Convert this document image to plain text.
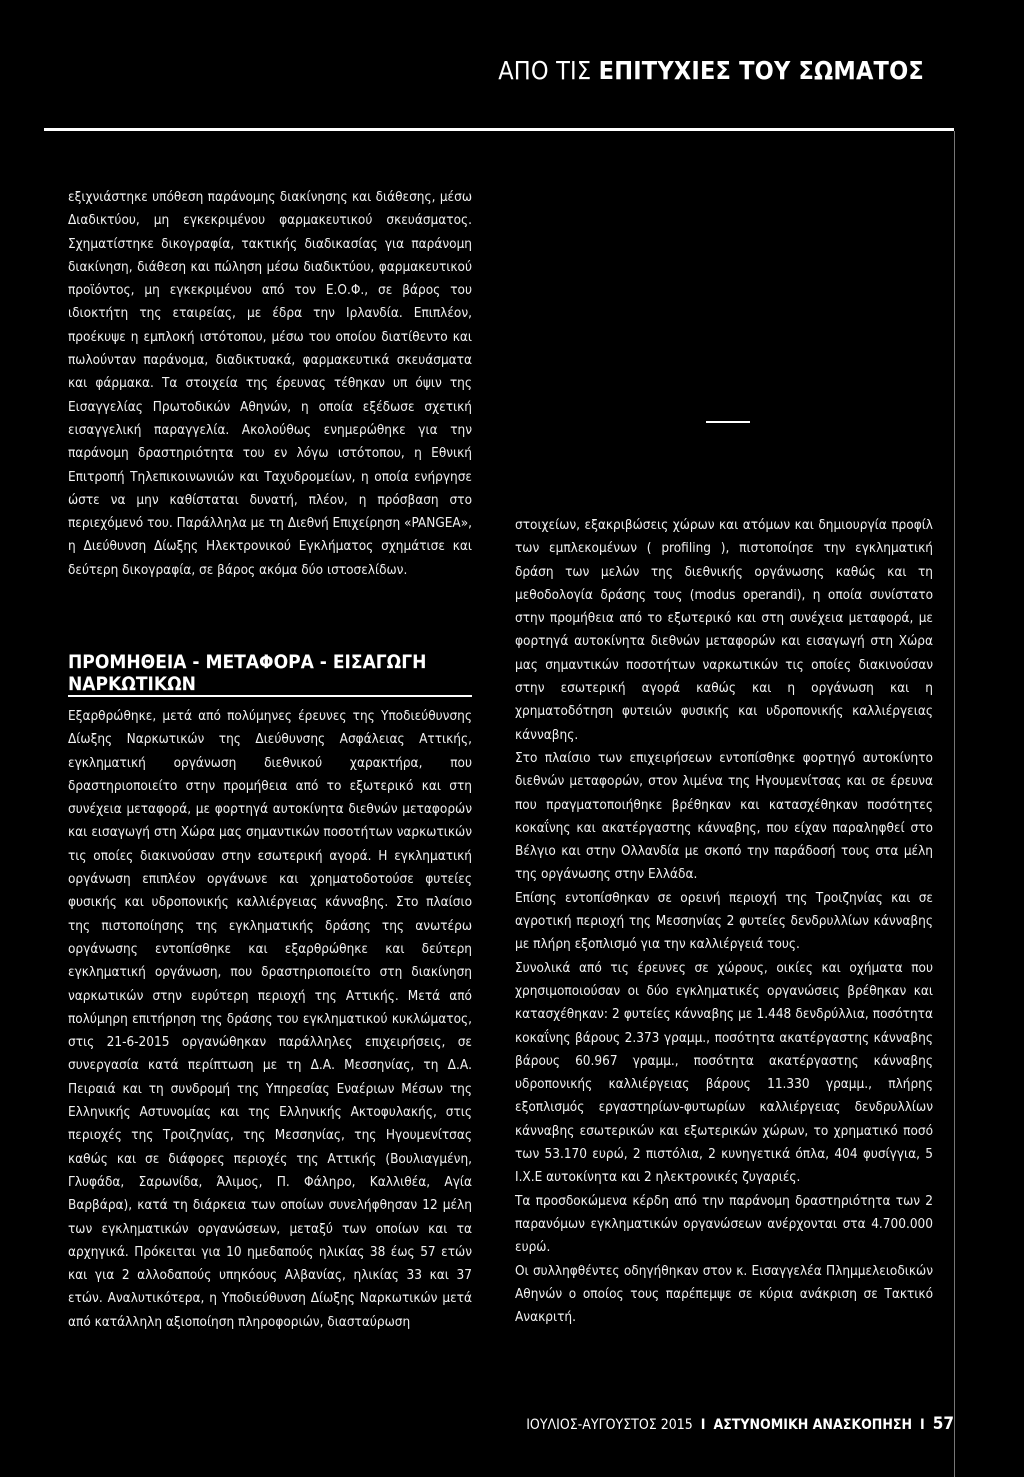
ΑΠΟ ΤΙΣ ΕΠΙΤΥΧΙΕΣ ΤΟΥ ΣΩΜΑΤΟΣ

εξιχνιάστηκε υπόθεση παράνομης διακίνησης και διάθεσης, μέσω Διαδικτύου, μη εγκεκριμένου φαρμακευτικού σκευάσματος. Σχηματίστηκε δικογραφία, τακτικής διαδικασίας για παράνομη διακίνηση, διάθεση και πώληση μέσω διαδικτύου, φαρμακευτικού προϊόντος, μη εγκεκριμένου από τον Ε.Ο.Φ., σε βάρος του ιδιοκτήτη της εταιρείας, με έδρα την Ιρλανδία. Επιπλέον, προέκυψε η εμπλοκή ιστότοπου, μέσω του οποίου διατίθεντο και πωλούνταν παράνομα, διαδικτυακά, φαρμακευτικά σκευάσματα και φάρμακα. Τα στοιχεία της έρευνας τέθηκαν υπ όψιν της Εισαγγελίας Πρωτοδικών Αθηνών, η οποία εξέδωσε σχετική εισαγγελική παραγγελία. Ακολούθως ενημερώθηκε για την παράνομη δραστηριότητα του εν λόγω ιστότοπου, η Εθνική Επιτροπή Τηλεπικοινωνιών και Ταχυδρομείων, η οποία ενήργησε ώστε να μην καθίσταται δυνατή, πλέον, η πρόσβαση στο περιεχόμενό του. Παράλληλα με τη Διεθνή Επιχείρηση «PANGEA», η Διεύθυνση Δίωξης Ηλεκτρονικού Εγκλήματος σχημάτισε και δεύτερη δικογραφία, σε βάρος ακόμα δύο ιστοσελίδων.

ΠΡΟΜΗΘΕΙΑ - ΜΕΤΑΦΟΡΑ - ΕΙΣΑΓΩΓΗ ΝΑΡΚΩΤΙΚΩΝ

Εξαρθρώθηκε, μετά από πολύμηνες έρευνες της Υποδιεύθυνσης Δίωξης Ναρκωτικών της Διεύθυνσης Ασφάλειας Αττικής, εγκληματική οργάνωση διεθνικού χαρακτήρα, που δραστηριοποιείτο στην προμήθεια από το εξωτερικό και στη συνέχεια μεταφορά, με φορτηγά αυτοκίνητα διεθνών μεταφορών και εισαγωγή στη Χώρα μας σημαντικών ποσοτήτων ναρκωτικών τις οποίες διακινούσαν στην εσωτερική αγορά. Η εγκληματική οργάνωση επιπλέον οργάνωνε και χρηματοδοτούσε φυτείες φυσικής και υδροπονικής καλλιέργειας κάνναβης. Στο πλαίσιο της πιστοποίησης της εγκληματικής δράσης της ανωτέρω οργάνωσης εντοπίσθηκε και εξαρθρώθηκε και δεύτερη εγκληματική οργάνωση, που δραστηριοποιείτο στη διακίνηση ναρκωτικών στην ευρύτερη περιοχή της Αττικής. Μετά από πολύμηρη επιτήρηση της δράσης του εγκληματικού κυκλώματος, στις 21-6-2015 οργανώθηκαν παράλληλες επιχειρήσεις, σε συνεργασία κατά περίπτωση με τη Δ.Α. Μεσσηνίας, τη Δ.Α. Πειραιά και τη συνδρομή της Υπηρεσίας Εναέριων Μέσων της Ελληνικής Αστυνομίας και της Ελληνικής Ακτοφυλακής, στις περιοχές της Τροιζηνίας, της Μεσσηνίας, της Ηγουμενίτσας καθώς και σε διάφορες περιοχές της Αττικής (Βουλιαγμένη, Γλυφάδα, Σαρωνίδα, Άλιμος, Π. Φάληρο, Καλλιθέα, Αγία Βαρβάρα), κατά τη διάρκεια των οποίων συνελήφθησαν 12 μέλη των εγκληματικών οργανώσεων, μεταξύ των οποίων και τα αρχηγικά. Πρόκειται για 10 ημεδαπούς ηλικίας 38 έως 57 ετών και για 2 αλλοδαπούς υπηκόους Αλβανίας, ηλικίας 33 και 37 ετών. Αναλυτικότερα, η Υποδιεύθυνση Δίωξης Ναρκωτικών μετά από κατάλληλη αξιοποίηση πληροφοριών, διασταύρωση

στοιχείων, εξακριβώσεις χώρων και ατόμων και δημιουργία προφίλ των εμπλεκομένων ( profiling ), πιστοποίησε την εγκληματική δράση των μελών της διεθνικής οργάνωσης καθώς και τη μεθοδολογία δράσης τους (modus operandi), η οποία συνίστατο στην προμήθεια από το εξωτερικό και στη συνέχεια μεταφορά, με φορτηγά αυτοκίνητα διεθνών μεταφορών και εισαγωγή στη Χώρα μας σημαντικών ποσοτήτων ναρκωτικών τις οποίες διακινούσαν στην εσωτερική αγορά καθώς και η οργάνωση και η χρηματοδότηση φυτειών φυσικής και υδροπονικής καλλιέργειας κάνναβης.

Στο πλαίσιο των επιχειρήσεων εντοπίσθηκε φορτηγό αυτοκίνητο διεθνών μεταφορών, στον λιμένα της Ηγουμενίτσας και σε έρευνα που πραγματοποιήθηκε βρέθηκαν και κατασχέθηκαν ποσότητες κοκαΐνης και ακατέργαστης κάνναβης, που είχαν παραληφθεί στο Βέλγιο και στην Ολλανδία με σκοπό την παράδοσή τους στα μέλη της οργάνωσης στην Ελλάδα.

Επίσης εντοπίσθηκαν σε ορεινή περιοχή της Τροιζηνίας και σε αγροτική περιοχή της Μεσσηνίας 2 φυτείες δενδρυλλίων κάνναβης με πλήρη εξοπλισμό για την καλλιέργειά τους.

Συνολικά από τις έρευνες σε χώρους, οικίες και οχήματα που χρησιμοποιούσαν οι δύο εγκληματικές οργανώσεις βρέθηκαν και κατασχέθηκαν: 2 φυτείες κάνναβης με 1.448 δενδρύλλια, ποσότητα κοκαΐνης βάρους 2.373 γραμμ., ποσότητα ακατέργαστης κάνναβης βάρους 60.967 γραμμ., ποσότητα ακατέργαστης κάνναβης υδροπονικής καλλιέργειας βάρους 11.330 γραμμ., πλήρης εξοπλισμός εργαστηρίων-φυτωρίων καλλιέργειας δενδρυλλίων κάνναβης εσωτερικών και εξωτερικών χώρων, το χρηματικό ποσό των 53.170 ευρώ, 2 πιστόλια, 2 κυνηγετικά όπλα, 404 φυσίγγια, 5 Ι.Χ.Ε αυτοκίνητα και 2 ηλεκτρονικές ζυγαριές.

Τα προσδοκώμενα κέρδη από την παράνομη δραστηριότητα των 2 παρανόμων εγκληματικών οργανώσεων ανέρχονται στα 4.700.000 ευρώ.

Οι συλληφθέντες οδηγήθηκαν στον κ. Εισαγγελέα Πλημμελειοδικών Αθηνών ο οποίος τους παρέπεμψε σε κύρια ανάκριση σε Τακτικό Ανακριτή.

ΙΟΥΛΙΟΣ-ΑΥΓΟΥΣΤΟΣ 2015 I ΑΣΤΥΝΟΜΙΚΗ ΑΝΑΣΚΟΠΗΣΗ I 57
